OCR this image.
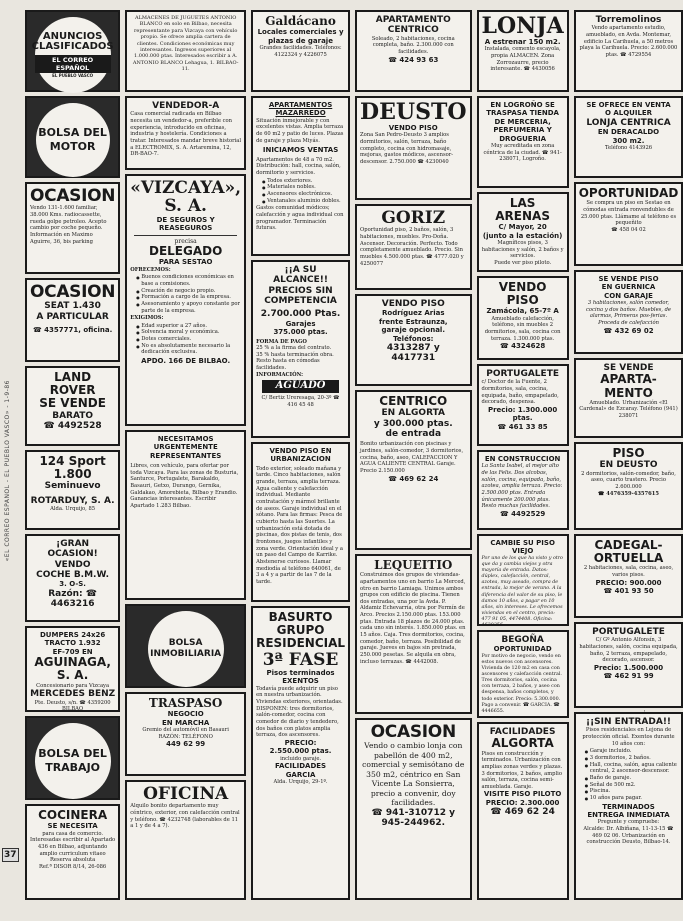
«EL CORREO ESPAÑOL - EL PUEBLO VASCO» - 1-9-86
-
37
ANUNCIOS CLASIFICADOS
EL CORREO ESPAÑOL
EL PUEBLO VASCO
BOLSA DEL MOTOR
OCASION
Vendo 131-1.600 familiar, 38.000 Kms. radiocassette, rueda golpe petroleo. Acepto cambio por coche pequeño. Información en Maximo Aguirre, 36, bis parking
OCASION
SEAT 1.430
A PARTICULAR
☎ 4357771, oficina.
LAND ROVER
SE VENDE
BARATO
☎ 4492528
124 Sport
1.800
Seminuevo
ROTARDUY, S. A.
Alda. Urquijo, 85
¡GRAN OCASION!
VENDO
COCHE B.M.W.
3. O-S.
Razón: ☎
4463216
DUMPERS 24x26
TRACTO 1.932
EF-709 EN
AGUINAGA, S. A.
Concesionario para Vizcaya
MERCEDES BENZ
Pte. Deusto, s/n. ☎ 4359200
BILBAO
BOLSA DEL TRABAJO
COCINERA
SE NECESITA
para casa de comercio. Interesadas escribir al Apartado 436 en Bilbao, adjuntando amplio curriculum vitaeo Reserva absoluta
Ref.ª DISOR 8/14, 26-086
ALMACENES DE JUGUETES ANTONIO BLANCO en solo en Bilbao, necesita representante para Vizcaya con vehículo propio. Se ofrece amplia cartera de clientes. Condiciones económicas muy interesantes. Ingresos superiores al 1.000.000 ptas. Interesados escribir a A. ANTONIO BLANCO Lehagua, 1. BILBAO-11.
VENDEDOR-A
Casa comercial radicada en Bilbao necesita un vendedor-a, preferible con experiencia, introducido en oficinas, industria y hostelería. Condiciones a tratar. Interesados mandar breve historial a ELECTROMIX, S. A. Artaremina, 12, DR-BAO-7.
«VIZCAYA», S. A.
DE SEGUROS Y REASEGUROS
precisa
DELEGADO
PARA SESTAO
OFRECEMOS:
● Buenos condiciones económicas en base a comisiones.
● Creación de negocio propio.
● Formación a cargo de la empresa.
● Asesoramiento y apoyo constante por parte de la empresa.
EXIGIMOS:
● Edad superior a 27 años.
● Solvencia moral y económica.
● Dotes comerciales.
● No es absolutamente necesario la dedicación exclusiva.
APDO. 166 DE BILBAO.
NECESITAMOS URGENTEMENTE REPRESENTANTES
Libres, con vehículo, para ofertar por toda Vizcaya. Para las zonas de Busturia, Santurce, Portugalete, Barakaldo, Basauri, Getxo, Durango, Gernika, Galdakao, Amorebieta, Bilbao y Erandio. Ganancias interesantes. Escribir Apartado 1.283 Bilbao.
BOLSA INMOBILIARIA
TRASPASO
NEGOCIO
EN MARCHA
Gremio del automóvil en Basauri
RAZÓN: TELÉFONO
449 62 99
OFICINA
Alquilo bonito departamento muy céntrico, exterior, con calefacción central y teléfono. ☎ 4232748 (laborables de 11 a 1 y de 4 a 7).
Galdácano
Locales comerciales y plazas de garaje
Grandes facilidades. Teléfonos: 4122324 y 4226075
APARTAMENTOS MAZARREDO
Situación inmejorable y con excelentes vistas. Amplia terraza de 60 m2 y patio de luces. Plazas de garaje y plaza Miyás.
INICIAMOS VENTAS
Apartamentos de 48 a 70 m2. Distribución: hall, cocina, salón, dormitorio y servicios.
● Todos exteriores.
● Materiales nobles.
● Ascensores electrónicos.
● Ventanales aluminio dobles.
Gastos comunidad módicos; calefacción y agua individual con programador. Terminación futuras.
¡¡A SU ALCANCE!! PRECIOS SIN COMPETENCIA
2.700.000 Ptas.
Garajes
375.000 ptas.
FORMA DE PAGO
25 % a la firma del contrato.
35 % hasta terminación obra.
Resto hasta en cómodas facilidades.
INFORMACIÓN:
AGUADO
C/ Bertiz Ureresaga, 20-3º ☎ 416 45 48
VENDO PISO EN URBANIZACION
Todo exterior, soleado mañana y tarde. Cinco habitaciones, salón grande, terraza, amplia terraza. Agua caliente y calefacción individual. Mediante contratación y mármol brillante de aseos. Garaje individual en el sótano. Para las firmas: Pesca de cubierto hasta las Suertes. La urbanización está dotada de piscinas, dos pistas de tenis, dos frontones, juegos infantiles y zona verde. Orientación ideal y a un paso del Campo de Karrike. Abstenerse curiosos. Llamar mediodía al teléfono 640061, de 3 a 4 y a partir de las 7 de la tarde.
BASURTO
GRUPO
RESIDENCIAL
3ª FASE
Pisos terminados
EXENTOS
Todavía puede adquirir un piso en nuestra urbanización. Viviendas exteriores, orientadas.
DISPONEN: tres dormitorios, salón-comedor, cocina con comedor de diario y tendedero, dos baños con platos amplia terraza, dos ascensores.
PRECIO:
2.550.000 ptas.
incluido garaje.
FACILIDADES
GARCIA
Alda. Urquijo, 29-1º.
APARTAMENTO CENTRICO
Soleado, 2 habitaciones, cocina completa, baño. 2.300.000 con facilidades.
☎ 424 93 63
DEUSTO
VENDO PISO
Zona San Pedro-Deusto 3 amplios dormitorios, salón, terraza, baño completo, cocina con hidromasaje, mejoras, gastos módicos, ascensor-descensor. 2.750.000 ☎ 4230040
GORIZ
Oportunidad piso, 2 baños, salón, 3 habitaciones, muebles. Pro-Doña. Ascensor. Decoración. Perfecto. Todo completamente amueblado. Precio. Sin muebles 4.500.000 ptas. ☎ 4777.020 y 4250077
VENDO PISO
Rodríguez Arias
frente Estraunza,
garaje opcional.
Teléfonos:
4313287 y
4417731
CENTRICO
EN ALGORTA
y 300.000 ptas.
de entrada
Bonito urbanización con piscinas y jardines, salón-comedor, 3 dormitorios, cocina, baño, aseo, CALEFACCION Y AGUA CALIENTE CENTRAL Garaje. Precio 2.150.000
☎ 469 62 24
LEQUEITIO
Construimos dos grupos de viviendas-apartamentos uno en barrio La Merced, otro en barrio Lamiaga. Unimos ambos grupos con edificio de piscina. Tienen dos entradas, una por la Avda. P. Aldamiz Echevarría, otra por Fermín de Arco. Precios 2.150.000 ptas. 153.000 ptas. Entrada 18 plazos de 24.000 ptas. cada uno sin interés. 1.850.000 ptas. en 15 años. Caja. Tres dormitorios, cocina, comedor, baño, terraza. Posibilidad de garaje. Jueves en bajos sin pretrada, 250.000 pesetas. Se alquila en obra, incluso terrazas. ☎ 4442008.
OCASION
Vendo o cambio lonja con pabellón de 400 m2, comercial y semisótano de 350 m2, céntrico en San Vicente La Sonsierra, precio a convenir, doy facilidades.
☎ 941-310712 y 945-244962.
LONJA
A estrenar 150 m2.
Instalada, cemento escayola, propia ALMACEN. Zona Zorrozaurre, precio interesante. ☎ 4430056
EN LOGROÑO SE TRASPASA TIENDA DE MERCERIA, PERFUMERIA Y DROGUERIA
Muy acreditada en zona céntrica de la ciudad. ☎ 941-238071, Logroño.
LAS ARENAS
C/ Mayor, 20
(junto a la estación)
Magníficos pisos, 3 habitaciones y salón, 2 baños y servicios.
Puede ver piso piloto.
VENDO PISO
Zamácola, 65-7º A
Amueblado calefacción, teléfono, sin muebles 2 dormitorios, sala, cocina con terraza. 1.300.000 ptas.
☎ 4324628
PORTUGALETE
c/ Doctor de la Fuente, 2 dormitorios, sala, cocina, equipada, baño, empapelado, decorado, despensa.
Precio: 1.300.000 ptas.
☎ 461 33 85
EN CONSTRUCCION
La Santa Isabel, al mejor alto de las Felis. Dos alcobas, salón, cocina, equipada, baño, azotea, amplia terraza. Precio: 2.500.000 ptas. Entrada únicamente 200.000 ptas. Resto muchas facilidades.
☎ 4492529
CAMBIE SU PISO VIEJO
Por uno de los que ha visto y otro que da y cambia viejos y otra mayoría de entrada. Datos: dúplex, calefacción, central, azotea, muy aseado, compra de entrada, la mejor de verano. A la diferencia del valor de su piso, le damos 10 años, a pagar en 10 años, sin intereses. Le ofrecemos viviendas en el centro, precio: 477 91 05, 4474408. Oficina: 4620356.
BEGOÑA
OPORTUNIDAD
Por motivo de negocio, vendo en estos nuevos con ascensores. Vivienda de 120 m2 en casa con ascensores y calefacción central. Tres dormitorios, salón, cocina con terraza, 2 baños, y aseo con despensa, baños completos, y todo exterior. Precio: 5.300.000. Pago a convenir. ☎ GARCIA. ☎ 4446655.
FACILIDADES
ALGORTA
Pisos en construcción y terminados. Urbanización con amplias zonas verdes y plazas. 3 dormitorios, 2 baños, amplio salón, terraza, cocina semi-amueblada. Garaje.
VISITE PISO PILOTO
PRECIO: 2.300.000
☎ 469 62 24
Torremolinos
Vendo apartamento estudio, amueblado, en Avda. Montemar, edificio La Carihuela, a 50 metros playa la Carihuela. Precio: 2.600.000 ptas. ☎ 4729554
SE OFRECE EN VENTA
O ALQUILER
LONJA CENTRICA
EN DERACALDO
300 m2.
Teléfono 4143926
OPORTUNIDAD
Se compra un piso en Sestao en cómodas entrada ronvendubles de 25.000 ptas. Llámame al teléfono es pequeñito
☎ 458 04 02
SE VENDE PISO
EN GUERNICA
CON GARAJE
3 habitaciones, salón comedor, cocina y dos baños. Muebles, de alarmas, Primeras pos-ferias. Proceda de calefacción
☎ 432 69 02
SE VENDE
APARTA-
MENTO
Amueblado. Urbanización «El Cardenal» de Ezcaray. Teléfono (941) 238071
PISO
EN DEUSTO
2 dormitorios, salón-comedor, baño, aseo, cuarto trastero. Precio 2.600.000
☎ 4476359-4357615
CADEGAL-
ORTUELLA
2 habitaciones, sala, cocina, aseo, varios pisos.
PRECIO: 900.000
☎ 401 93 50
PORTUGALETE
C/ Gº Antonio Alfonsín, 3 habitaciones, salón, cocina equipada, baño, 2 terraza, empapelado, decorado, ascensor.
Precio: 1.500.000
☎ 462 91 99
¡¡SIN ENTRADA!!
Pisos residenciales en Lejona de protección oficial. Exentos durante 10 años con:
● Garaje incluido.
● 3 dormitorios, 2 baños.
● Hall, cocina, salón, agua caliente central, 2 ascensor-descensor.
● Baño de garaje.
● Señal de 500 m2.
● Piscina.
● 10 años para pagar.
TERMINADOS
ENTREGA INMEDIATA
Pregunte y compruebe:
Alcalde: Dr. Albiñana, 11-13-15 ☎ 469 02 06. Urbanización en construcción Deusto, Bilbao-14.
